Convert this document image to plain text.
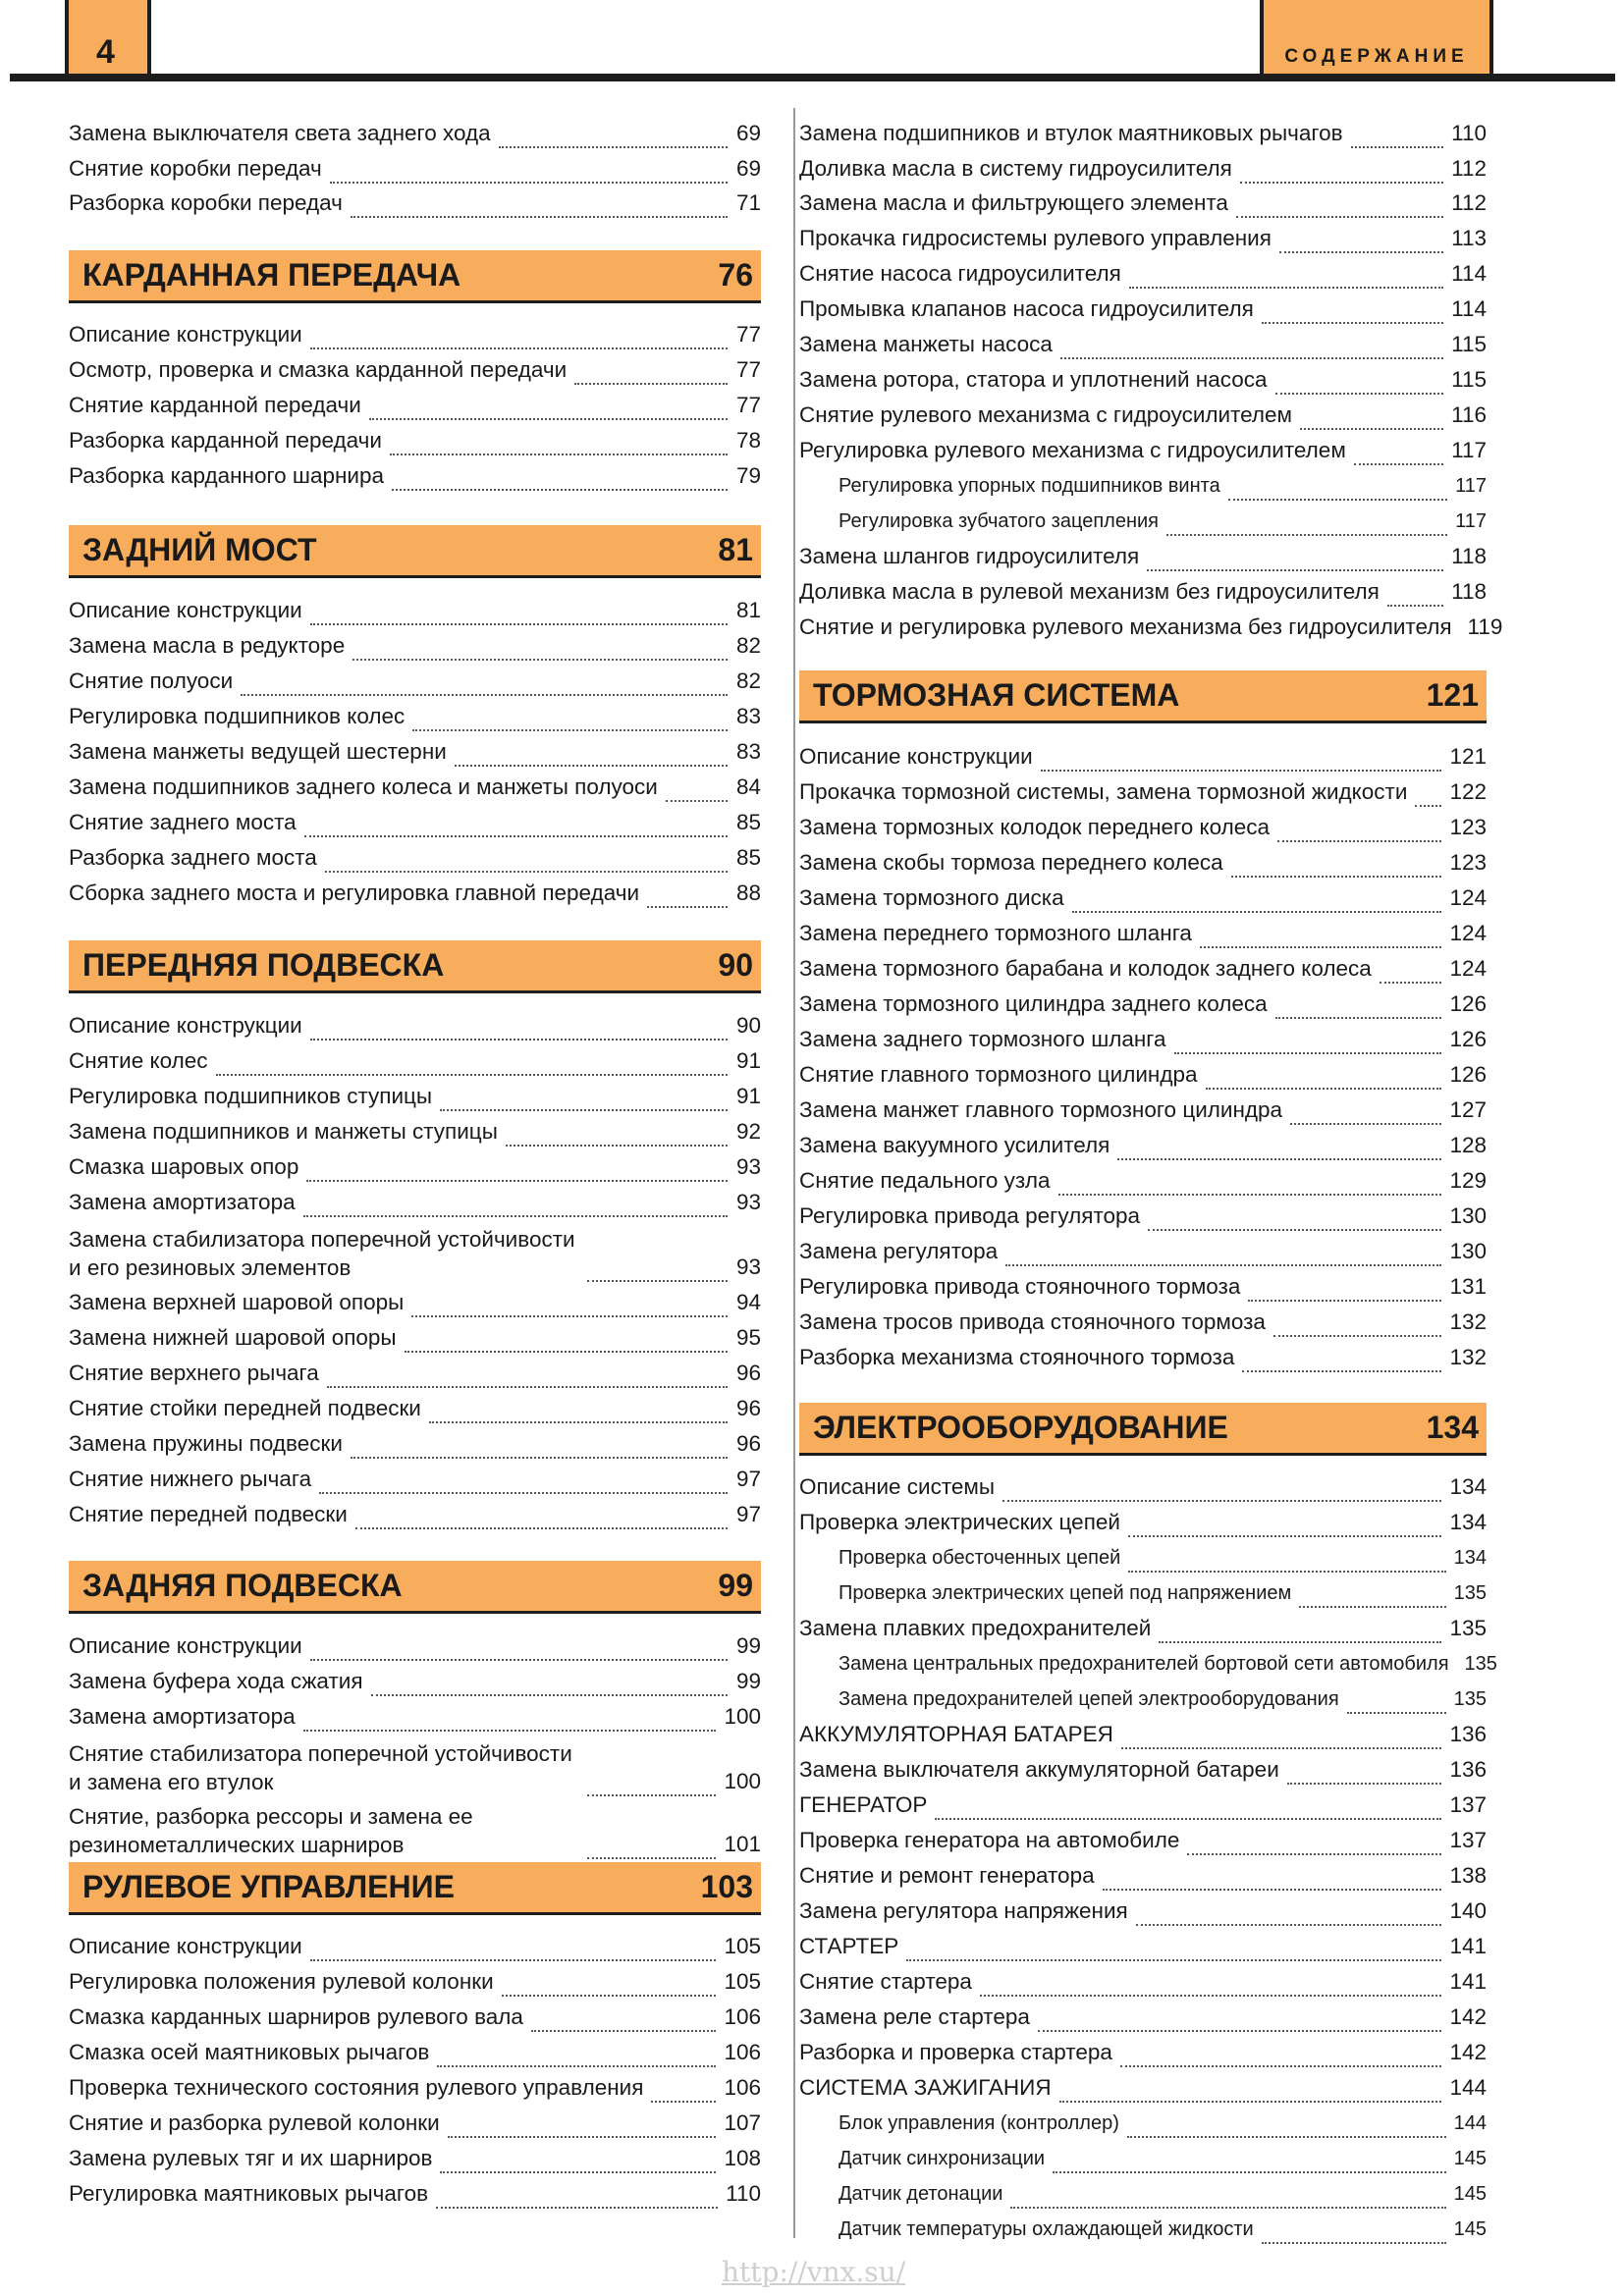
4	СОДЕРЖАНИЕ
Замена выключателя света заднего хода	69
Снятие коробки передач	69
Разборка коробки передач	71
КАРДАННАЯ ПЕРЕДАЧА	76
Описание конструкции	77
Осмотр, проверка и смазка карданной передачи	77
Снятие карданной передачи	77
Разборка карданной передачи	78
Разборка карданного шарнира	79
ЗАДНИЙ МОСТ	81
Описание конструкции	81
Замена масла в редукторе	82
Снятие полуоси	82
Регулировка подшипников колес	83
Замена манжеты ведущей шестерни	83
Замена подшипников заднего колеса и манжеты полуоси	84
Снятие заднего моста	85
Разборка заднего моста	85
Сборка заднего моста и регулировка главной передачи	88
ПЕРЕДНЯЯ ПОДВЕСКА	90
Описание конструкции	90
Снятие колес	91
Регулировка подшипников ступицы	91
Замена подшипников и манжеты ступицы	92
Смазка шаровых опор	93
Замена амортизатора	93
Замена стабилизатора поперечной устойчивости и его резиновых элементов	93
Замена верхней шаровой опоры	94
Замена нижней шаровой опоры	95
Снятие верхнего рычага	96
Снятие стойки передней подвески	96
Замена пружины подвески	96
Снятие нижнего рычага	97
Снятие передней подвески	97
ЗАДНЯЯ ПОДВЕСКА	99
Описание конструкции	99
Замена буфера хода сжатия	99
Замена амортизатора	100
Снятие стабилизатора поперечной устойчивости и замена его втулок	100
Снятие, разборка рессоры и замена ее резинометаллических шарниров	101
РУЛЕВОЕ УПРАВЛЕНИЕ	103
Описание конструкции	105
Регулировка положения рулевой колонки	105
Смазка карданных шарниров рулевого вала	106
Смазка осей маятниковых рычагов	106
Проверка технического состояния рулевого управления	106
Снятие и разборка рулевой колонки	107
Замена рулевых тяг и их шарниров	108
Регулировка маятниковых рычагов	110
Замена подшипников и втулок маятниковых рычагов	110
Доливка масла в систему гидроусилителя	112
Замена масла и фильтрующего элемента	112
Прокачка гидросистемы рулевого управления	113
Снятие насоса гидроусилителя	114
Промывка клапанов насоса гидроусилителя	114
Замена манжеты насоса	115
Замена ротора, статора и уплотнений насоса	115
Снятие рулевого механизма с гидроусилителем	116
Регулировка рулевого механизма с гидроусилителем	117
Регулировка упорных подшипников винта	117
Регулировка зубчатого зацепления	117
Замена шлангов гидроусилителя	118
Доливка масла в рулевой механизм без гидроусилителя	118
Снятие и регулировка рулевого механизма без гидроусилителя 119
ТОРМОЗНАЯ СИСТЕМА	121
Описание конструкции	121
Прокачка тормозной системы, замена тормозной жидкости 122
Замена тормозных колодок переднего колеса	123
Замена скобы тормоза переднего колеса	123
Замена тормозного диска	124
Замена переднего тормозного шланга	124
Замена тормозного барабана и колодок заднего колеса	124
Замена тормозного цилиндра заднего колеса	126
Замена заднего тормозного шланга	126
Снятие главного тормозного цилиндра	126
Замена манжет главного тормозного цилиндра	127
Замена вакуумного усилителя	128
Снятие педального узла	129
Регулировка привода регулятора	130
Замена регулятора	130
Регулировка привода стояночного тормоза	131
Замена тросов привода стояночного тормоза	132
Разборка механизма стояночного тормоза	132
ЭЛЕКТРООБОРУДОВАНИЕ	134
Описание системы	134
Проверка электрических цепей	134
Проверка обесточенных цепей	134
Проверка электрических цепей под напряжением	135
Замена плавких предохранителей	135
Замена центральных предохранителей бортовой сети автомобиля 135
Замена предохранителей цепей электрооборудования	135
АККУМУЛЯТОРНАЯ БАТАРЕЯ	136
Замена выключателя аккумуляторной батареи	136
ГЕНЕРАТОР	137
Проверка генератора на автомобиле	137
Снятие и ремонт генератора	138
Замена регулятора напряжения	140
СТАРТЕР	141
Снятие стартера	141
Замена реле стартера	142
Разборка и проверка стартера	142
СИСТЕМА ЗАЖИГАНИЯ	144
Блок управления (контроллер)	144
Датчик синхронизации	145
Датчик детонации	145
Датчик температуры охлаждающей жидкости	145
http://vnx.su/
